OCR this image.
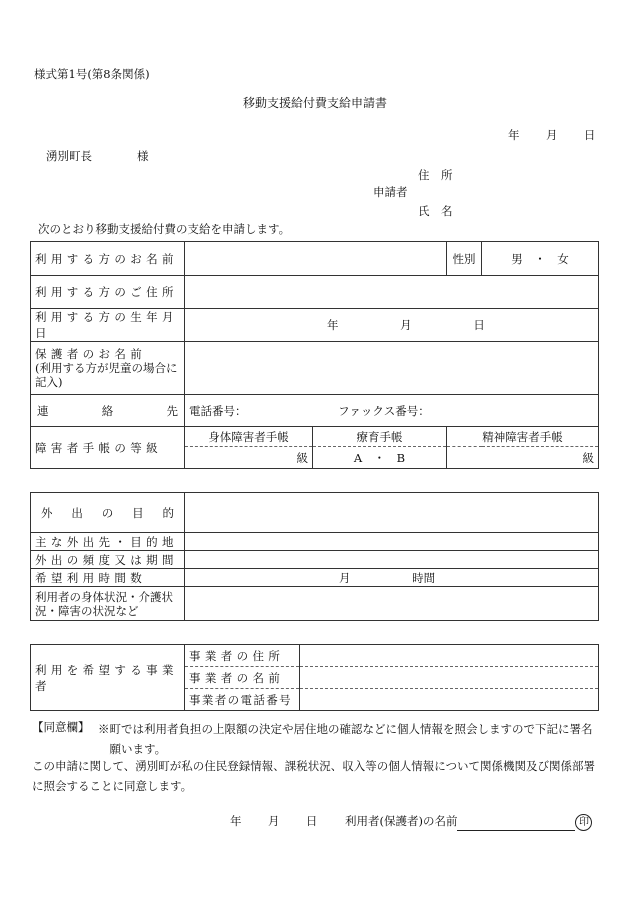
様式第1号(第8条関係)
移動支援給付費支給申請書
年　　月　　日
湧別町長	様
住　所
申請者
氏　名
次のとおり移動支援給付費の支給を申請します。
利用する方のお名前			性別	男　・　女
利用する方のご住所				
利用する方の生年月日	年 月 日			

保護者のお名前
(利用する方が児童の場合に記入)				

連 絡 先	電話番号： ファックス番号：			
障害者手帳の等級	身体障害者手帳	療育手帳	精神障害者手帳	
	級	A　・　B	級	
外 出 の 目 的	

主な外出先・目的地	
外出の頻度又は期間	
希望利用時間数	月 時間
利用者の身体状況・介護状況・障害の状況など	
利用を希望する事業者	事業者の住所	
	事業者の名前	
	事業者の電話番号	
【同意欄】 ※町では利用者負担の上限額の決定や居住地の確認などに個人情報を照会しますので下記に署名願います。
この申請に関して、湧別町が私の住民登録情報、課税状況、収入等の個人情報について関係機関及び関係部署に照会することに同意します。
年　　月　　日 利用者(保護者)の名前	印
